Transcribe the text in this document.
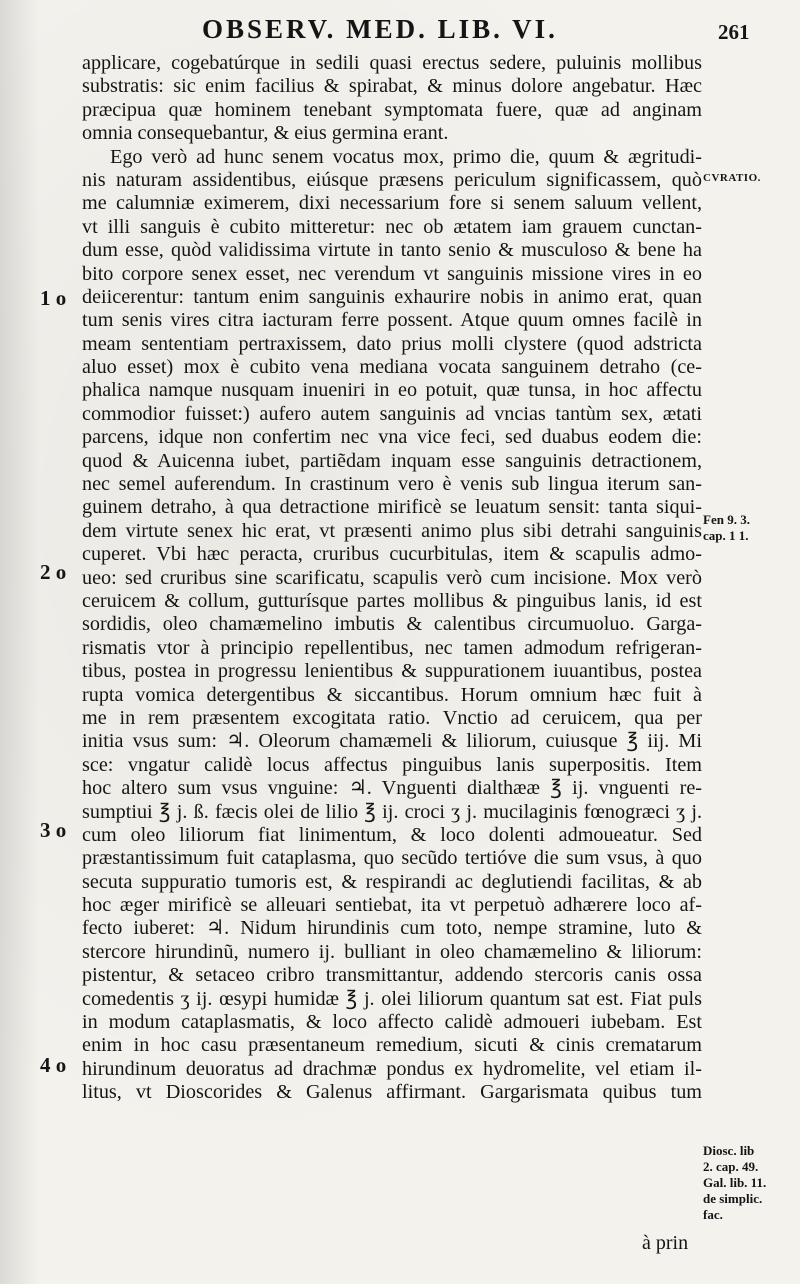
OBSERV. MED. LIB. VI.	261
applicare, cogebatúrque in sedili quasi erectus sedere, puluinis mollibus
substratis: sic enim facilius & spirabat, & minus dolore angebatur. Hæc
præcipua quæ hominem tenebant symptomata fuere, quæ ad anginam
omnia consequebantur, & eius germina erant.
Ego verò ad hunc senem vocatus mox, primo die, quum & ægritudi-
nis naturam assidentibus, eiúsque præsens periculum significassem, quò
me calumniæ eximerem, dixi necessarium fore si senem saluum vellent,
vt illi sanguis è cubito mitteretur: nec ob ætatem iam grauem cunctan-
dum esse, quòd validissima virtute in tanto senio & musculoso & bene ha
bito corpore senex esset, nec verendum vt sanguinis missione vires in eo
deiicerentur: tantum enim sanguinis exhaurire nobis in animo erat, quan
tum senis vires citra iacturam ferre possent. Atque quum omnes facilè in
meam sententiam pertraxissem, dato prius molli clystere (quod adstricta
aluo esset) mox è cubito vena mediana vocata sanguinem detraho (ce-
phalica namque nusquam inueniri in eo potuit, quæ tunsa, in hoc affectu
commodior fuisset:) aufero autem sanguinis ad vncias tantùm sex, ætati
parcens, idque non confertim nec vna vice feci, sed duabus eodem die:
quod & Auicenna iubet, partiẽdam inquam esse sanguinis detractionem,
nec semel auferendum. In crastinum vero è venis sub lingua iterum san-
guinem detraho, à qua detractione mirificè se leuatum sensit: tanta siqui-
dem virtute senex hic erat, vt præsenti animo plus sibi detrahi sanguinis
cuperet. Vbi hæc peracta, cruribus cucurbitulas, item & scapulis admo-
ueo: sed cruribus sine scarificatu, scapulis verò cum incisione. Mox verò
ceruicem & collum, gutturísque partes mollibus & pinguibus lanis, id est
sordidis, oleo chamæmelino imbutis & calentibus circumuoluo. Garga-
rismatis vtor à principio repellentibus, nec tamen admodum refrigeran-
tibus, postea in progressu lenientibus & suppurationem iuuantibus, postea
rupta vomica detergentibus & siccantibus. Horum omnium hæc fuit à
me in rem præsentem excogitata ratio. Vnctio ad ceruicem, qua per
initia vsus sum: ♃. Oleorum chamæmeli & liliorum, cuiusque ℥ iij. Mi
sce: vngatur calidè locus affectus pinguibus lanis superpositis. Item
hoc altero sum vsus vnguine: ♃. Vnguenti dialthææ ℥ ij. vnguenti re-
sumptiui ℥ j. ß. fæcis olei de lilio ℥ ij. croci ʒ j. mucilaginis fœnogræci ʒ j.
cum oleo liliorum fiat linimentum, & loco dolenti admoueatur. Sed
præstantissimum fuit cataplasma, quo secũdo tertióve die sum vsus, à quo
secuta suppuratio tumoris est, & respirandi ac deglutiendi facilitas, & ab
hoc æger mirificè se alleuari sentiebat, ita vt perpetuò adhærere loco af-
fecto iuberet: ♃. Nidum hirundinis cum toto, nempe stramine, luto &
stercore hirundinũ, numero ij. bulliant in oleo chamæmelino & liliorum:
pistentur, & setaceo cribro transmittantur, addendo stercoris canis ossa
comedentis ʒ ij. œsypi humidæ ℥ j. olei liliorum quantum sat est. Fiat puls
in modum cataplasmatis, & loco affecto calidè admoueri iubebam. Est
enim in hoc casu præsentaneum remedium, sicuti & cinis crematarum
hirundinum deuoratus ad drachmæ pondus ex hydromelite, vel etiam il-
litus, vt Dioscorides & Galenus affirmant. Gargarismata quibus tum
1 o
2 o
3 o
4 o
CVRATIO.
Fen 9. 3.
cap. 1 1.
Diosc. lib
2. cap. 49.
Gal. lib. 11.
de simplic.
fac.
à prin
